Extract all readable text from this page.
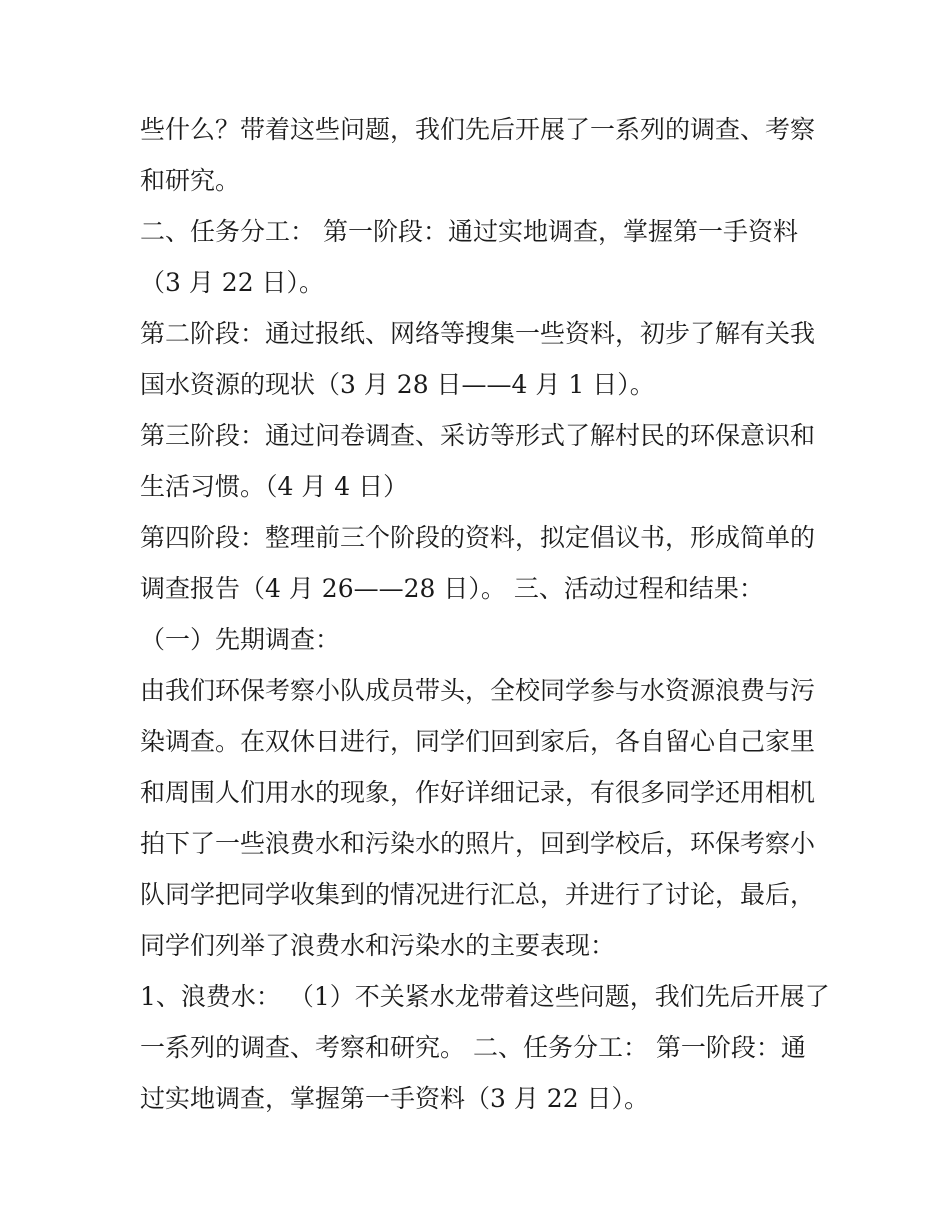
些什么？带着这些问题，我们先后开展了一系列的调查、考察
和研究。
二、任务分工： 第一阶段：通过实地调查，掌握第一手资料
（3 月 22 日）。
第二阶段：通过报纸、网络等搜集一些资料，初步了解有关我
国水资源的现状（3 月 28 日——4 月 1 日）。
第三阶段：通过问卷调查、采访等形式了解村民的环保意识和
生活习惯。（4 月 4 日）
第四阶段：整理前三个阶段的资料，拟定倡议书，形成简单的
调查报告（4 月 26——28 日）。 三、活动过程和结果：
（一）先期调查：
由我们环保考察小队成员带头，全校同学参与水资源浪费与污
染调查。在双休日进行，同学们回到家后，各自留心自己家里
和周围人们用水的现象，作好详细记录，有很多同学还用相机
拍下了一些浪费水和污染水的照片，回到学校后，环保考察小
队同学把同学收集到的情况进行汇总，并进行了讨论，最后，
同学们列举了浪费水和污染水的主要表现：
1、浪费水： （1）不关紧水龙带着这些问题，我们先后开展了
一系列的调查、考察和研究。 二、任务分工： 第一阶段：通
过实地调查，掌握第一手资料（3 月 22 日）。
